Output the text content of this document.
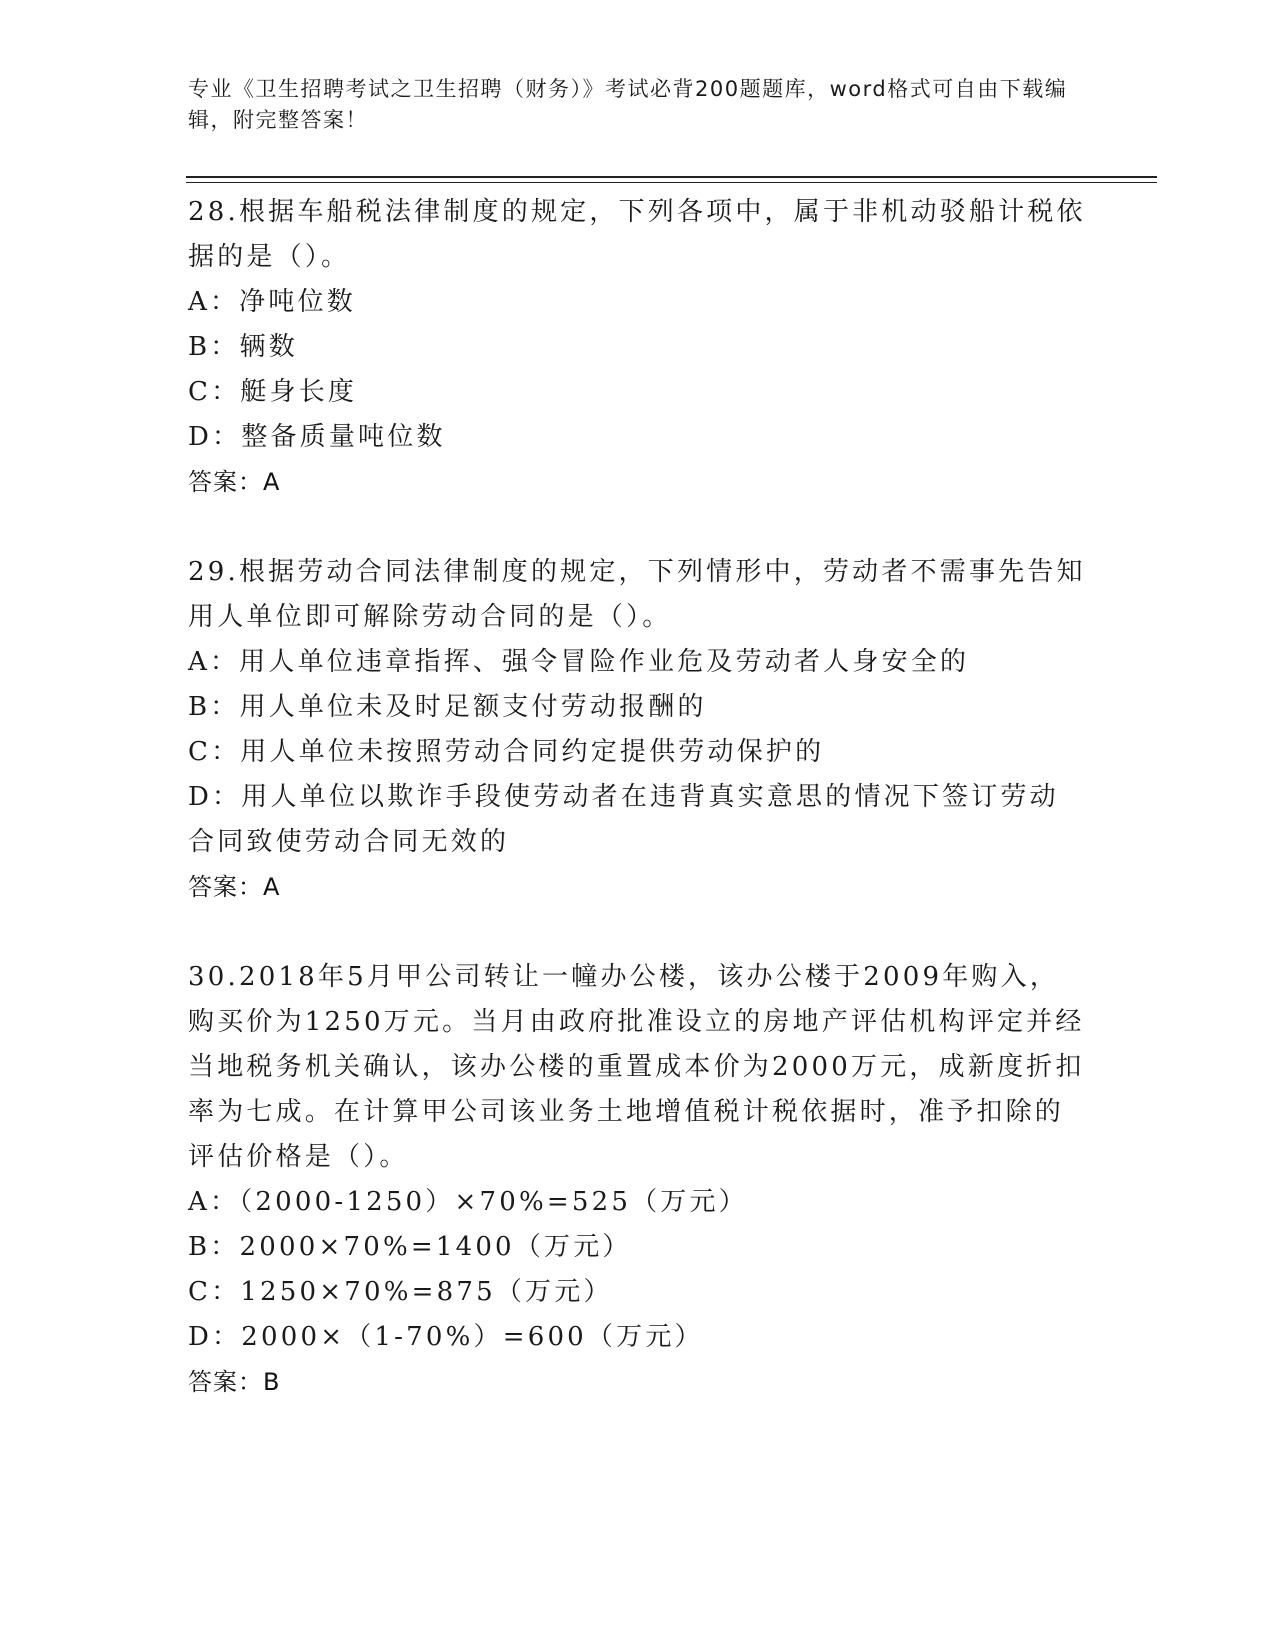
专业《卫生招聘考试之卫生招聘（财务）》考试必背200题题库，word格式可自由下载编辑，附完整答案！

28.根据车船税法律制度的规定，下列各项中，属于非机动驳船计税依据的是（）。

A：净吨位数

B：辆数

C：艇身长度

D：整备质量吨位数

答案：A

29.根据劳动合同法律制度的规定，下列情形中，劳动者不需事先告知用人单位即可解除劳动合同的是（）。

A：用人单位违章指挥、强令冒险作业危及劳动者人身安全的

B：用人单位未及时足额支付劳动报酬的

C：用人单位未按照劳动合同约定提供劳动保护的

D：用人单位以欺诈手段使劳动者在违背真实意思的情况下签订劳动合同致使劳动合同无效的

答案：A

30.2018年5月甲公司转让一幢办公楼，该办公楼于2009年购入，购买价为1250万元。当月由政府批准设立的房地产评估机构评定并经当地税务机关确认，该办公楼的重置成本价为2000万元，成新度折扣率为七成。在计算甲公司该业务土地增值税计税依据时，准予扣除的评估价格是（）。

A：（2000-1250）×70%=525（万元）

B：2000×70%=1400（万元）

C：1250×70%=875（万元）

D：2000×（1-70%）=600（万元）

答案：B
